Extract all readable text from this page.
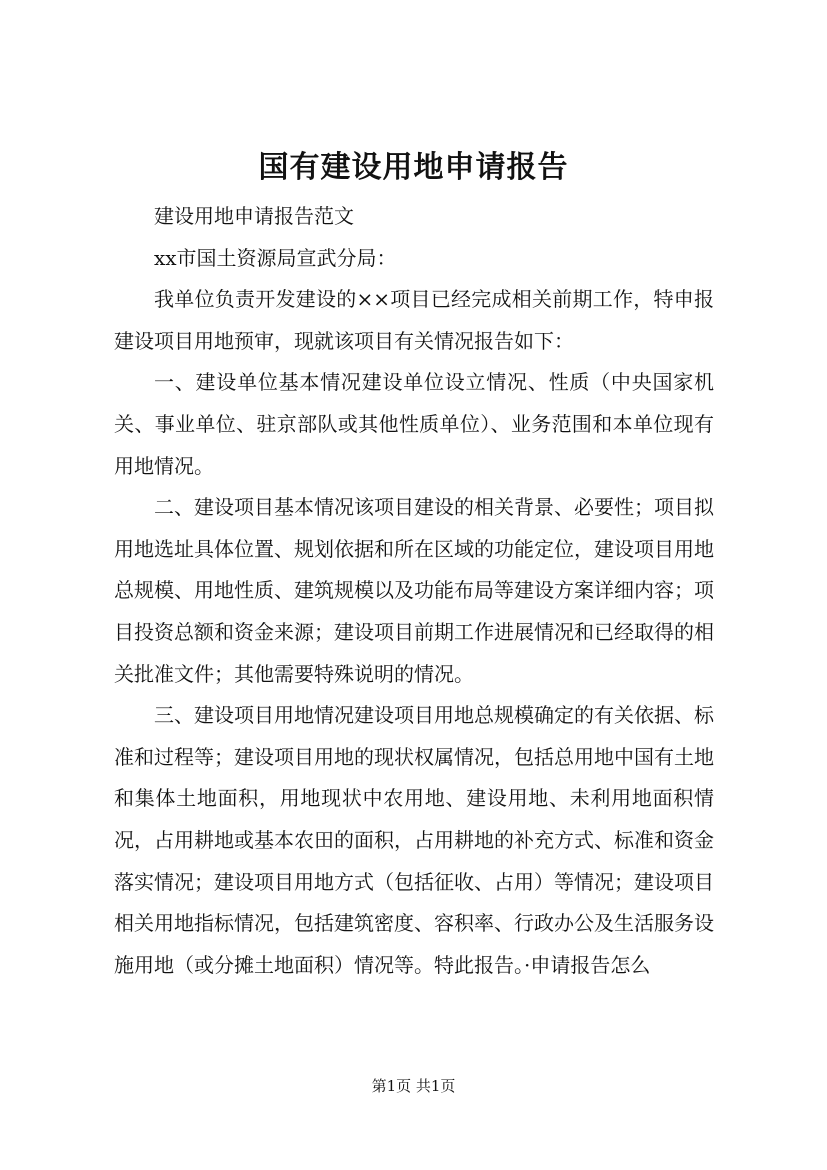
国有建设用地申请报告

建设用地申请报告范文

xx市国土资源局宣武分局：

我单位负责开发建设的××项目已经完成相关前期工作，特申报建设项目用地预审，现就该项目有关情况报告如下：

一、建设单位基本情况建设单位设立情况、性质（中央国家机关、事业单位、驻京部队或其他性质单位）、业务范围和本单位现有用地情况。

二、建设项目基本情况该项目建设的相关背景、必要性；项目拟用地选址具体位置、规划依据和所在区域的功能定位，建设项目用地总规模、用地性质、建筑规模以及功能布局等建设方案详细内容；项目投资总额和资金来源；建设项目前期工作进展情况和已经取得的相关批准文件；其他需要特殊说明的情况。

三、建设项目用地情况建设项目用地总规模确定的有关依据、标准和过程等；建设项目用地的现状权属情况，包括总用地中国有土地和集体土地面积，用地现状中农用地、建设用地、未利用地面积情况，占用耕地或基本农田的面积，占用耕地的补充方式、标准和资金落实情况；建设项目用地方式（包括征收、占用）等情况；建设项目相关用地指标情况，包括建筑密度、容积率、行政办公及生活服务设施用地（或分摊土地面积）情况等。特此报告。·申请报告怎么

第1页 共1页
